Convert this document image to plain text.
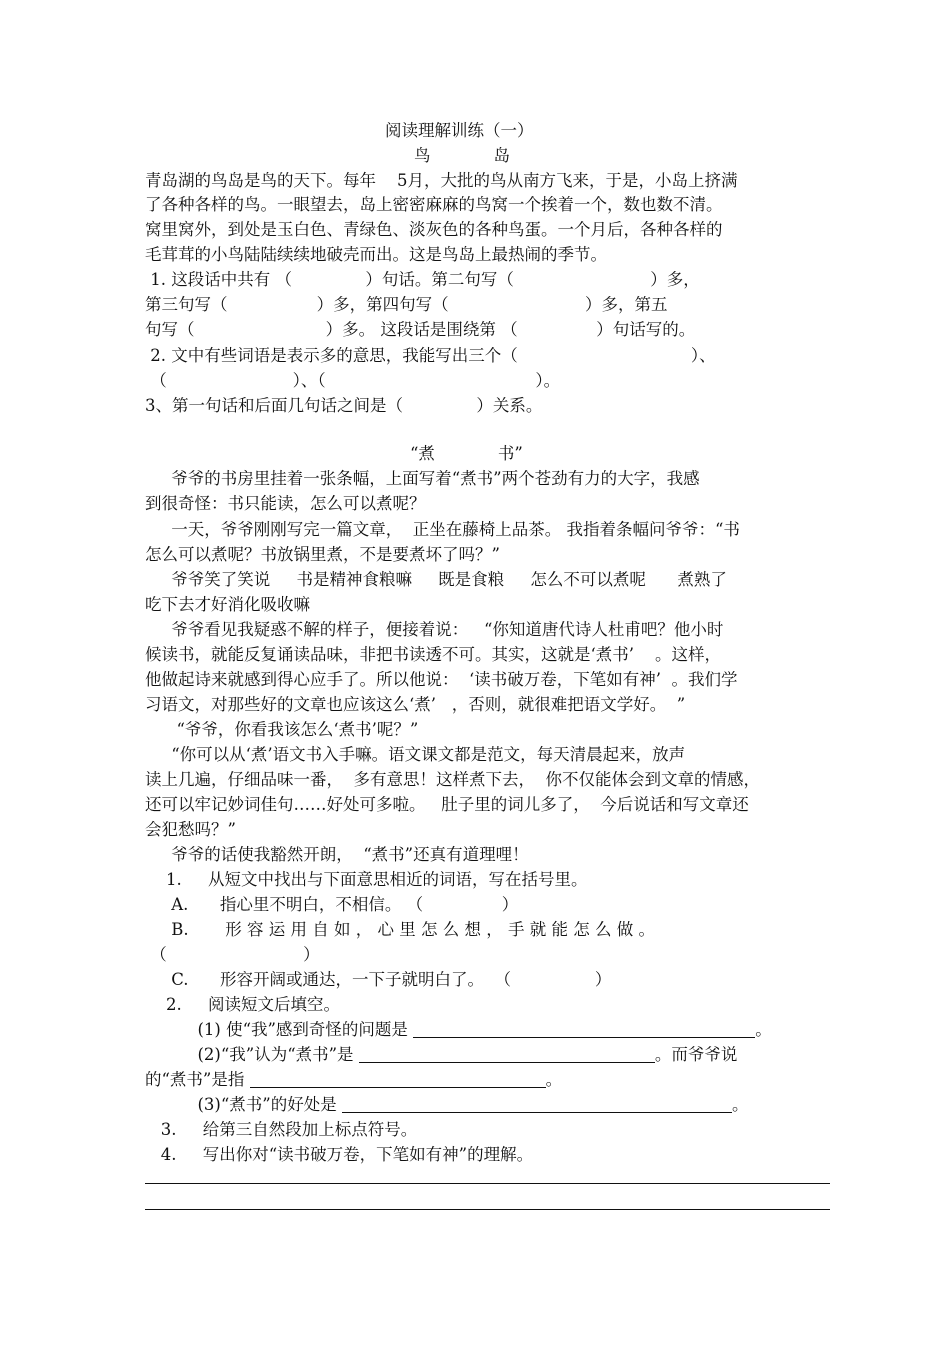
阅读理解训练（一）
鸟            岛
青岛湖的鸟岛是鸟的天下。每年    5月，大批的鸟从南方飞来，于是，小岛上挤满
了各种各样的鸟。一眼望去，岛上密密麻麻的鸟窝一个挨着一个，数也数不清。
窝里窝外，到处是玉白色、青绿色、淡灰色的各种鸟蛋。一个月后，各种各样的
毛茸茸的小鸟陆陆续续地破壳而出。这是鸟岛上最热闹的季节。
1. 这段话中共有 （              ）句话。第二句写（                          ）多，
第三句写（                 ）多，第四句写（                          ）多，第五
句写（                         ）多。 这段话是围绕第 （               ）句话写的。
2. 文中有些词语是表示多的意思，我能写出三个（                                 ）、
（                        ）、（                                        ）。
3、第一句话和后面几句话之间是（              ）关系。
“煮            书”
爷爷的书房里挂着一张条幅，上面写着“煮书”两个苍劲有力的大字，我感
到很奇怪：书只能读，怎么可以煮呢？
一天，爷爷刚刚写完一篇文章，  正坐在藤椅上品茶。 我指着条幅问爷爷：“书
怎么可以煮呢？书放锅里煮，不是要煮坏了吗？”
爷爷笑了笑说     书是精神食粮嘛     既是食粮     怎么不可以煮呢      煮熟了
吃下去才好消化吸收嘛
爷爷看见我疑惑不解的样子，便接着说：   “你知道唐代诗人杜甫吧？他小时
候读书，就能反复诵读品味，非把书读透不可。其实，这就是‘煮书’    。这样，
他做起诗来就感到得心应手了。所以他说：  ‘读书破万卷，下笔如有神’  。我们学
习语文，对那些好的文章也应该这么‘煮’   ，否则，就很难把语文学好。  ”
“爷爷，你看我该怎么‘煮书’呢？”
“你可以从‘煮’语文书入手嘛。语文课文都是范文，每天清晨起来，放声
读上几遍，仔细品味一番，  多有意思！这样煮下去，  你不仅能体会到文章的情感，
还可以牢记妙词佳句……好处可多啦。   肚子里的词儿多了，  今后说话和写文章还
会犯愁吗？”
爷爷的话使我豁然开朗，  “煮书”还真有道理哩！
1.     从短文中找出与下面意思相近的词语，写在括号里。
A.      指心里不明白，不相信。 （               ）
B.       形 容 运 用 自 如 ， 心 里 怎 么 想 ， 手 就 能 怎 么 做 。
（                          ）
C.      形容开阔或通达，一下子就明白了。  （                ）
2.     阅读短文后填空。
(1) 使“我”感到奇怪的问题是	。
(2)“我”认为“煮书”是	。而爷爷说
的“煮书”是指	。
(3)“煮书”的好处是	。
3.     给第三自然段加上标点符号。
4.     写出你对“读书破万卷，下笔如有神”的理解。
